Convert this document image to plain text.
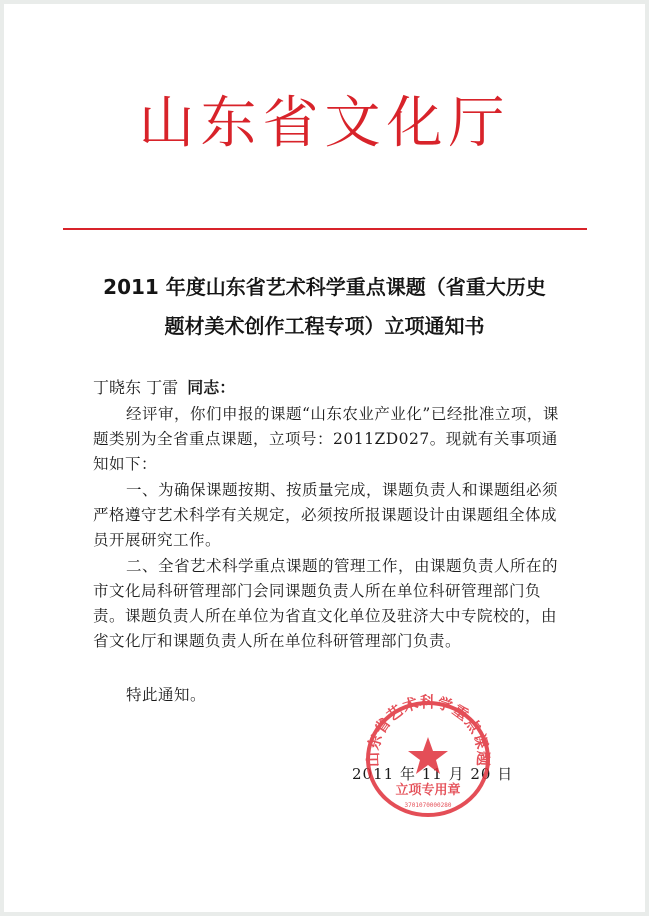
山东省文化厅
2011 年度山东省艺术科学重点课题（省重大历史
题材美术创作工程专项）立项通知书
丁晓东 丁雷 同志：
经评审，你们申报的课题“山东农业产业化”已经批准立项，课题类别为全省重点课题，立项号：2011ZD027。现就有关事项通知如下：
一、为确保课题按期、按质量完成，课题负责人和课题组必须严格遵守艺术科学有关规定，必须按所报课题设计由课题组全体成员开展研究工作。
二、全省艺术科学重点课题的管理工作，由课题负责人所在的市文化局科研管理部门会同课题负责人所在单位科研管理部门负责。课题负责人所在单位为省直文化单位及驻济大中专院校的，由省文化厅和课题负责人所在单位科研管理部门负责。
特此通知。
2011 年 11 月 20 日
山东省艺术科学重点课题
立项专用章
3701070000280
